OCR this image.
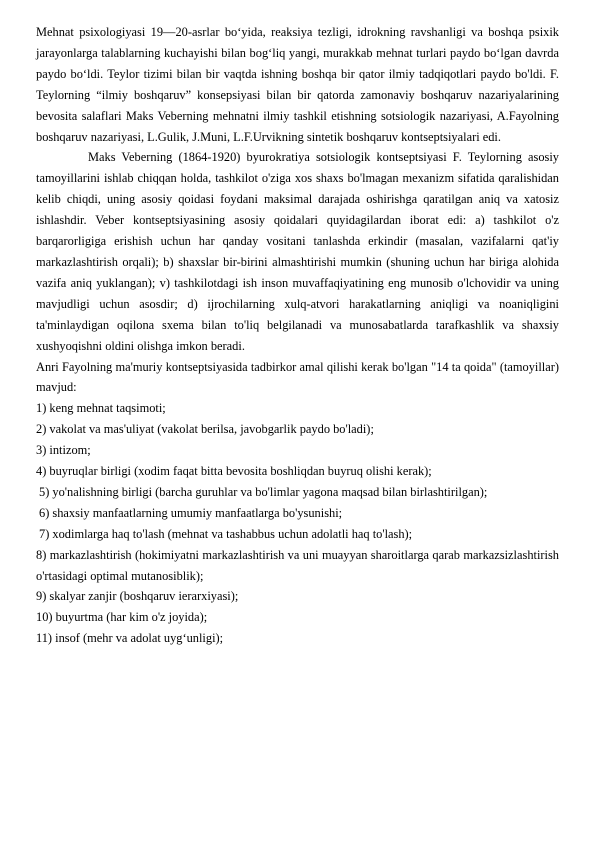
Mehnat psixologiyasi 19—20-asrlar bo‘yida, reaksiya tezligi, idrokning ravshanligi va boshqa psixik jarayonlarga talablarning kuchayishi bilan bog‘liq yangi, murakkab mehnat turlari paydo bo‘lgan davrda paydo bo‘ldi. Teylor tizimi bilan bir vaqtda ishning boshqa bir qator ilmiy tadqiqotlari paydo bo'ldi. F. Teylorning “ilmiy boshqaruv” konsepsiyasi bilan bir qatorda zamonaviy boshqaruv nazariyalarining bevosita salaflari Maks Veberning mehnatni ilmiy tashkil etishning sotsiologik nazariyasi, A.Fayolning boshqaruv nazariyasi, L.Gulik, J.Muni, L.F.Urvikning sintetik boshqaruv kontseptsiyalari edi.

Maks Veberning (1864-1920) byurokratiya sotsiologik kontseptsiyasi F. Teylorning asosiy tamoyillarini ishlab chiqqan holda, tashkilot o'ziga xos shaxs bo'lmagan mexanizm sifatida qaralishidan kelib chiqdi, uning asosiy qoidasi foydani maksimal darajada oshirishga qaratilgan aniq va xatosiz ishlashdir. Veber kontseptsiyasining asosiy qoidalari quyidagilardan iborat edi: a) tashkilot o'z barqarorligiga erishish uchun har qanday vositani tanlashda erkindir (masalan, vazifalarni qat'iy markazlashtirish orqali); b) shaxslar bir-birini almashtirishi mumkin (shuning uchun har biriga alohida vazifa aniq yuklangan); v) tashkilotdagi ish inson muvaffaqiyatining eng munosib o'lchovidir va uning mavjudligi uchun asosdir; d) ijrochilarning xulq-atvori harakatlarning aniqligi va noaniqligini ta'minlaydigan oqilona sxema bilan to'liq belgilanadi va munosabatlarda tarafkashlik va shaxsiy xushyoqishni oldini olishga imkon beradi.

Anri Fayolning ma'muriy kontseptsiyasida tadbirkor amal qilishi kerak bo'lgan "14 ta qoida" (tamoyillar) mavjud:

1) keng mehnat taqsimoti;

2) vakolat va mas'uliyat (vakolat berilsa, javobgarlik paydo bo'ladi);

3) intizom;

4) buyruqlar birligi (xodim faqat bitta bevosita boshliqdan buyruq olishi kerak);

5) yo'nalishning birligi (barcha guruhlar va bo'limlar yagona maqsad bilan birlashtirilgan);

6) shaxsiy manfaatlarning umumiy manfaatlarga bo'ysunishi;

7) xodimlarga haq to'lash (mehnat va tashabbus uchun adolatli haq to'lash);

8) markazlashtirish (hokimiyatni markazlashtirish va uni muayyan sharoitlarga qarab markazsizlashtirish o'rtasidagi optimal mutanosiblik);

9) skalyar zanjir (boshqaruv ierarxiyasi);

10) buyurtma (har kim o'z joyida);

11) insof (mehr va adolat uyg‘unligi);
